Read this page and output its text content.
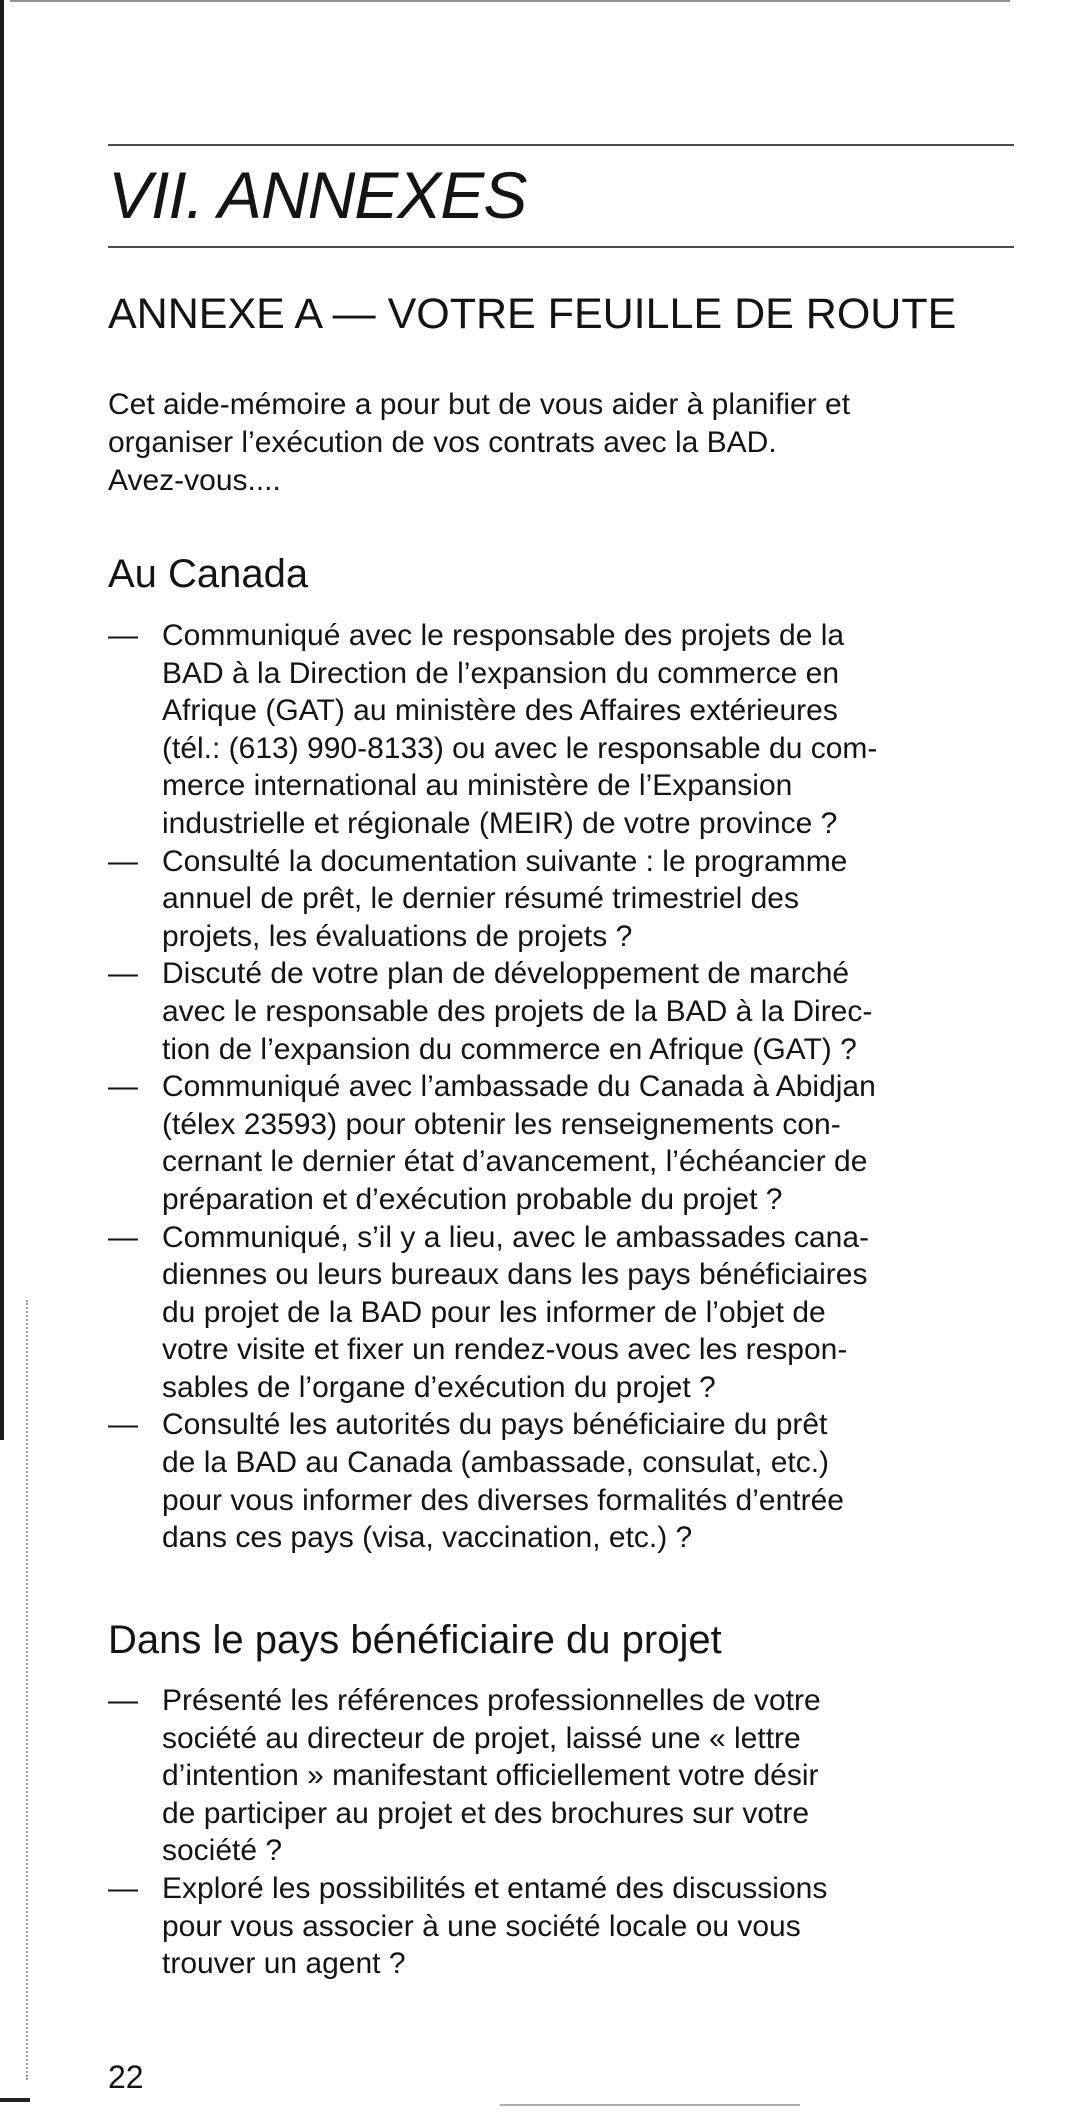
VII. ANNEXES
ANNEXE A — VOTRE FEUILLE DE ROUTE

Cet aide-mémoire a pour but de vous aider à planifier et
organiser l’exécution de vos contrats avec la BAD.
Avez-vous....

Au Canada
— Communiqué avec le responsable des projets de la
BAD à la Direction de l’expansion du commerce en
Afrique (GAT) au ministère des Affaires extérieures
(tél.: (613) 990-8133) ou avec le responsable du com-
merce international au ministère de l’Expansion
industrielle et régionale (MEIR) de votre province ?
— Consulté la documentation suivante : le programme
annuel de prêt, le dernier résumé trimestriel des
projets, les évaluations de projets ?
— Discuté de votre plan de développement de marché
avec le responsable des projets de la BAD à la Direc-
tion de l’expansion du commerce en Afrique (GAT) ?
— Communiqué avec l’ambassade du Canada à Abidjan
(télex 23593) pour obtenir les renseignements con-
cernant le dernier état d’avancement, l’échéancier de
préparation et d’exécution probable du projet ?
— Communiqué, s’il y a lieu, avec le ambassades cana-
diennes ou leurs bureaux dans les pays bénéficiaires
du projet de la BAD pour les informer de l’objet de
votre visite et fixer un rendez-vous avec les respon-
sables de l’organe d’exécution du projet ?
— Consulté les autorités du pays bénéficiaire du prêt
de la BAD au Canada (ambassade, consulat, etc.)
pour vous informer des diverses formalités d’entrée
dans ces pays (visa, vaccination, etc.) ?
Dans le pays bénéficiaire du projet
— Présenté les références professionnelles de votre
société au directeur de projet, laissé une « lettre
d’intention » manifestant officiellement votre désir
de participer au projet et des brochures sur votre
société ?
— Exploré les possibilités et entamé des discussions
pour vous associer à une société locale ou vous
trouver un agent ?
22
